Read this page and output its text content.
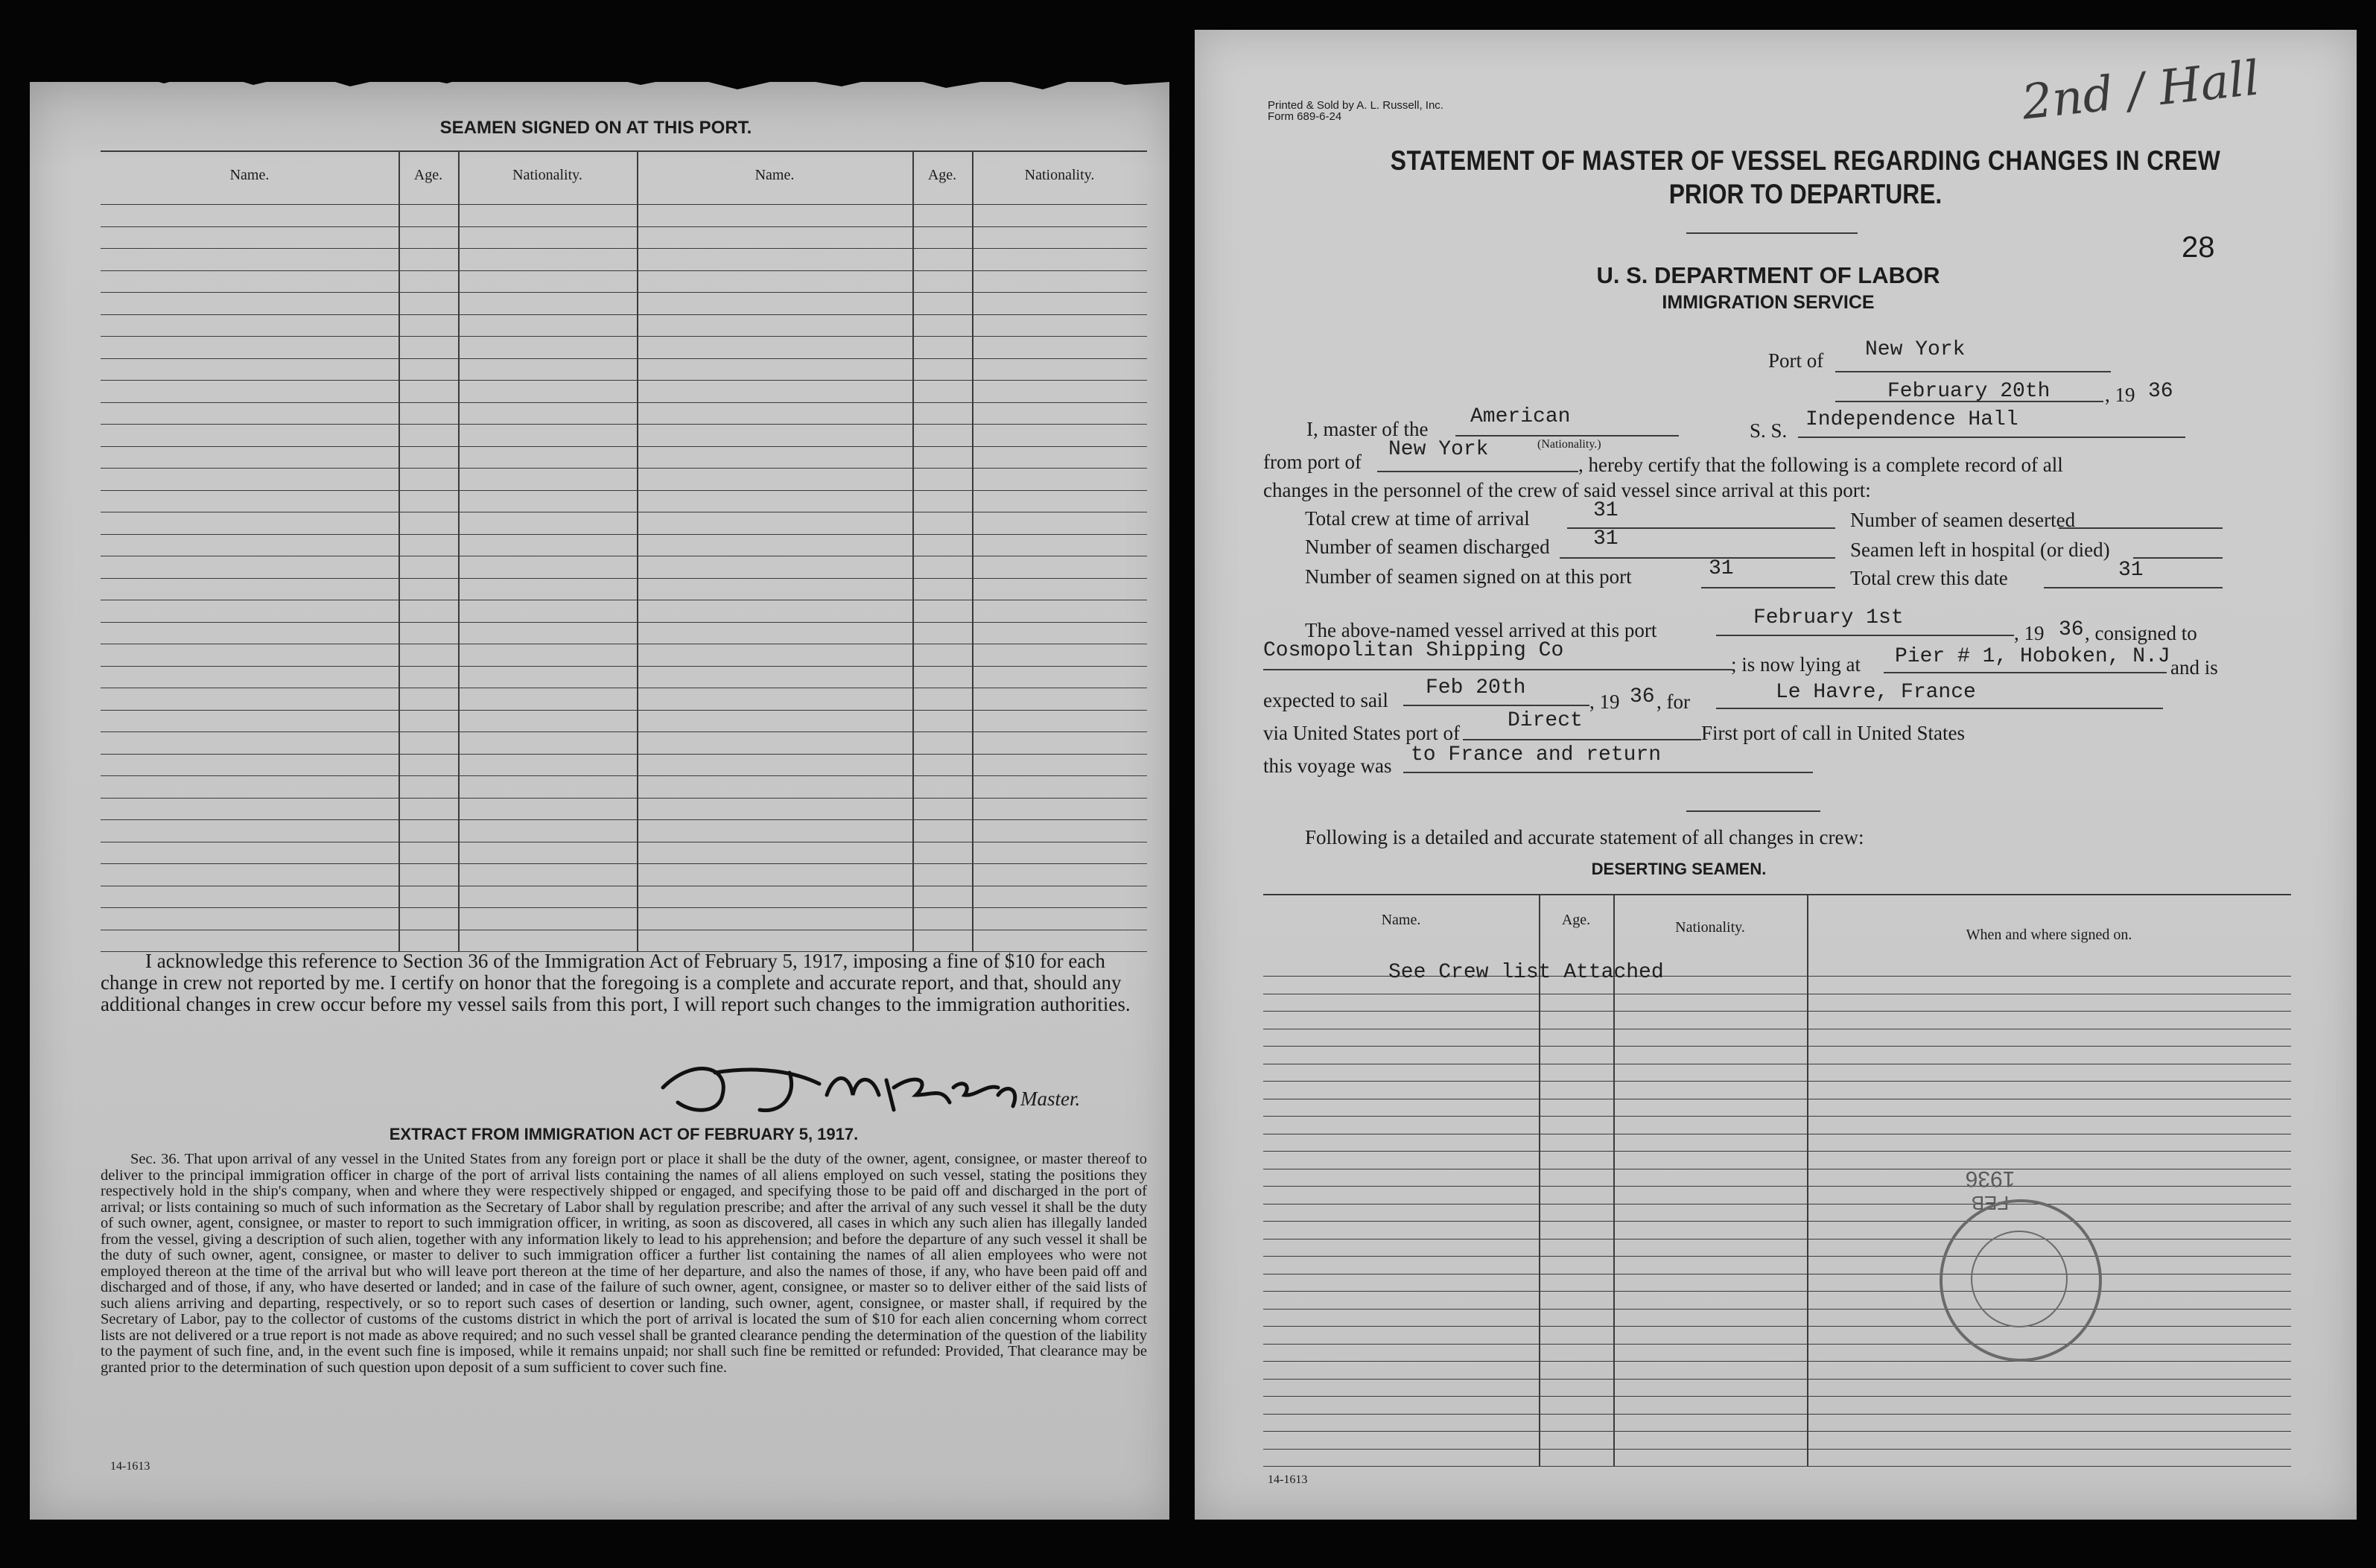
SEAMEN SIGNED ON AT THIS PORT.
Name.	Age.	Nationality.	Name.	Age.	Nationality.
I acknowledge this reference to Section 36 of the Immigration Act of February 5, 1917, imposing a fine of $10 for each change in crew not reported by me. I certify on honor that the foregoing is a complete and accurate report, and that, should any additional changes in crew occur before my vessel sails from this port, I will report such changes to the immigration authorities.
Master.
EXTRACT FROM IMMIGRATION ACT OF FEBRUARY 5, 1917.
Sec. 36. That upon arrival of any vessel in the United States from any foreign port or place it shall be the duty of the owner, agent, consignee, or master thereof to deliver to the principal immigration officer in charge of the port of arrival lists containing the names of all aliens employed on such vessel, stating the positions they respectively hold in the ship's company, when and where they were respectively shipped or engaged, and specifying those to be paid off and discharged in the port of arrival; or lists containing so much of such information as the Secretary of Labor shall by regulation prescribe; and after the arrival of any such vessel it shall be the duty of such owner, agent, consignee, or master to report to such immigration officer, in writing, as soon as discovered, all cases in which any such alien has illegally landed from the vessel, giving a description of such alien, together with any information likely to lead to his apprehension; and before the departure of any such vessel it shall be the duty of such owner, agent, consignee, or master to deliver to such immigration officer a further list containing the names of all alien employees who were not employed thereon at the time of the arrival but who will leave port thereon at the time of her departure, and also the names of those, if any, who have been paid off and discharged and of those, if any, who have deserted or landed; and in case of the failure of such owner, agent, consignee, or master so to deliver either of the said lists of such aliens arriving and departing, respectively, or so to report such cases of desertion or landing, such owner, agent, consignee, or master shall, if required by the Secretary of Labor, pay to the collector of customs of the customs district in which the port of arrival is located the sum of $10 for each alien concerning whom correct lists are not delivered or a true report is not made as above required; and no such vessel shall be granted clearance pending the determination of the question of the liability to the payment of such fine, and, in the event such fine is imposed, while it remains unpaid; nor shall such fine be remitted or refunded: Provided, That clearance may be granted prior to the determination of such question upon deposit of a sum sufficient to cover such fine.
14-1613
Printed & Sold by A. L. Russell, Inc.
Form 689-6-24	2nd / Hall
STATEMENT OF MASTER OF VESSEL REGARDING CHANGES IN CREW
PRIOR TO DEPARTURE.
28
U. S. DEPARTMENT OF LABOR
IMMIGRATION SERVICE
Port of New York
February 20th	, 19 36
I, master of the
American
(Nationality.)
S. S. Independence Hall
from port of
New York
, hereby certify that the following is a complete record of all
changes in the personnel of the crew of said vessel since arrival at this port:
Total crew at time of arrival	31
Number of seamen discharged 31
Number of seamen signed on at this port	31
Number of seamen deserted
Seamen left in hospital (or died)
Total crew this date	31
The above-named vessel arrived at this port
February 1st
, 19 36 , consigned to
Cosmopolitan Shipping Co
; is now lying at Pier # 1, Hoboken, N.J and is
expected to sail
Feb 20th
, 19 36 , for	Le Havre, France
via United States port of
Direct
First port of call in United States
this voyage was to France and return
Following is a detailed and accurate statement of all changes in crew:
DESERTING SEAMEN.
Name.	Age.	Nationality.	When and where signed on.
See Crew list Attached
FEB
1936
14-1613
